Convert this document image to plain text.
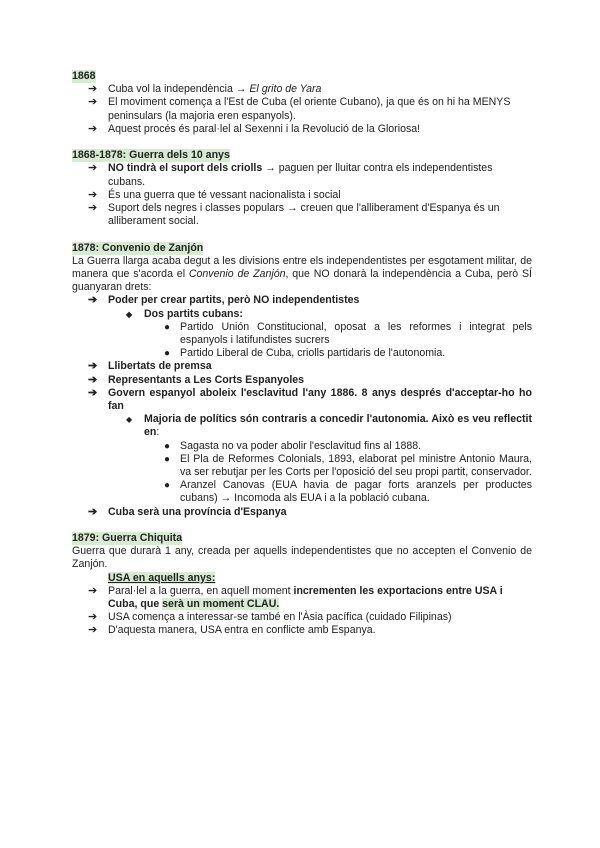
1868
➔	Cuba vol la independència → El grito de Yara
➔	El moviment comença a l'Est de Cuba (el oriente Cubano), ja que és on hi ha MENYS peninsulars (la majoria eren espanyols).
➔	Aquest procés és paral·lel al Sexenni i la Revolució de la Gloriosa!
1868-1878: Guerra dels 10 anys
➔	NO tindrà el suport dels criolls → paguen per lluitar contra els independentistes cubans.
➔	És una guerra que té vessant nacionalista i social
➔	Suport dels negres i classes populars → creuen que l'alliberament d'Espanya és un alliberament social.
1878: Convenio de Zanjón
La Guerra llarga acaba degut a les divisions entre els independentistes per esgotament militar, de manera que s'acorda el Convenio de Zanjón, que NO donarà la independència a Cuba, però SÍ guanyaran drets:
➔	Poder per crear partits, però NO independentistes
◆	Dos partits cubans:
● Partido Unión Constitucional, oposat a les reformes i integrat pels espanyols i latifundistes sucrers
● Partido Liberal de Cuba, criolls partidaris de l'autonomia.
➔	Llibertats de premsa
➔	Representants a Les Corts Espanyoles
➔	Govern espanyol aboleix l'esclavitud l'any 1886. 8 anys després d'acceptar-ho ho fan
◆	Majoria de polítics són contraris a concedir l'autonomia. Això es veu reflectit en:
● Sagasta no va poder abolir l'esclavitud fins al 1888.
● El Pla de Reformes Colonials, 1893, elaborat pel ministre Antonio Maura, va ser rebutjar per les Corts per l'oposició del seu propi partit, conservador.
● Aranzel Canovas (EUA havia de pagar forts aranzels per productes cubans) → Incomoda als EUA i a la població cubana.
➔	Cuba serà una província d'Espanya
1879: Guerra Chiquita
Guerra que durarà 1 any, creada per aquells independentistes que no accepten el Convenio de Zanjón.
USA en aquells anys:
➔	Paral·lel a la guerra, en aquell moment incrementen les exportacions entre USA i Cuba, que serà un moment CLAU.
➔	USA comença a interessar-se també en l'Àsia pacífica (cuidado Filipinas)
➔	D'aquesta manera, USA entra en conflicte amb Espanya.
